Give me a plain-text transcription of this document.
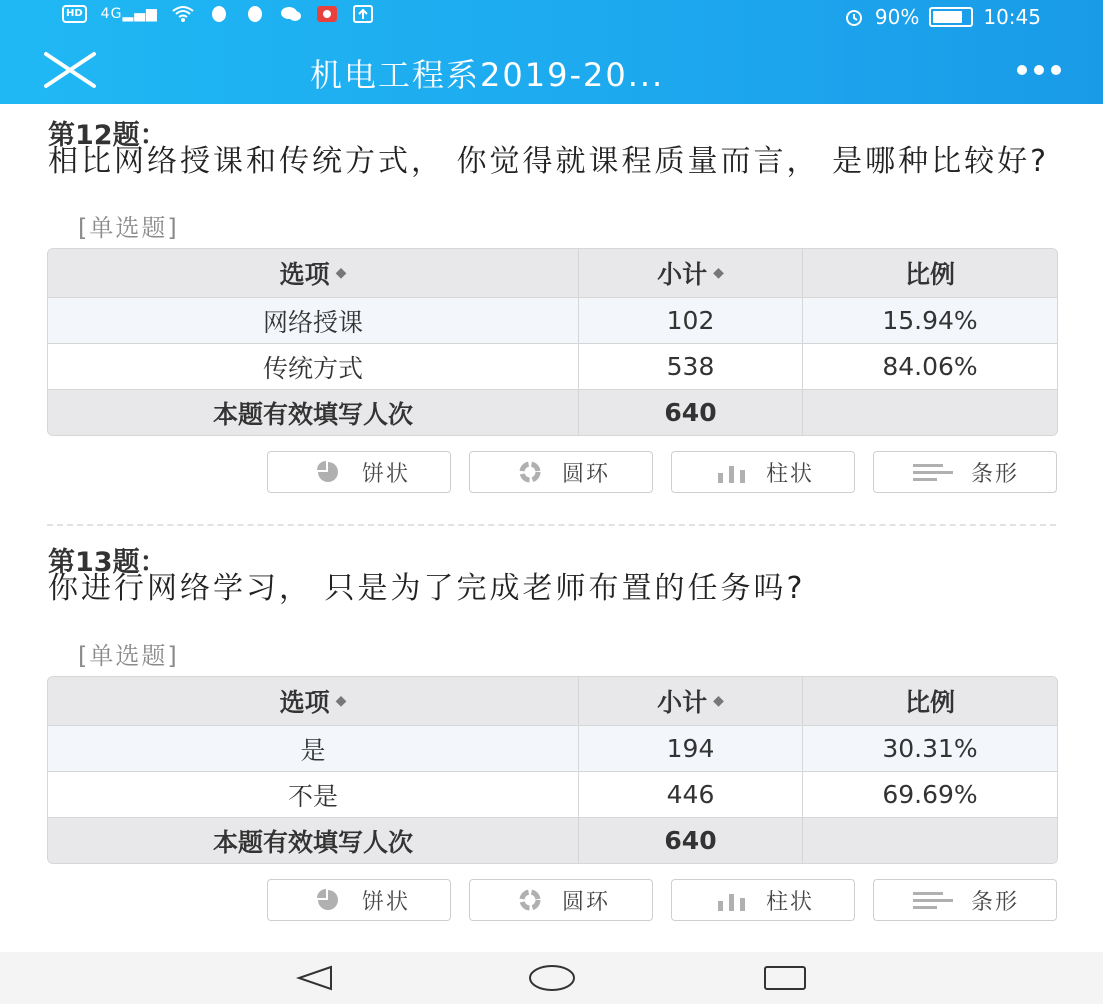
HD 4G▂▄▆	90%	10:45
机电工程系2019-20...
第12题：
相比网络授课和传统方式， 你觉得就课程质量而言， 是哪种比较好?
[单选题]
选项 ◆	小计 ◆	比例
网络授课	102	15.94%
传统方式	538	84.06%
本题有效填写人次	640
饼状	圆环	柱状	条形
第13题：
你进行网络学习， 只是为了完成老师布置的任务吗?
[单选题]
选项 ◆	小计 ◆	比例
是	194	30.31%
不是	446	69.69%
本题有效填写人次	640
饼状	圆环	柱状	条形
